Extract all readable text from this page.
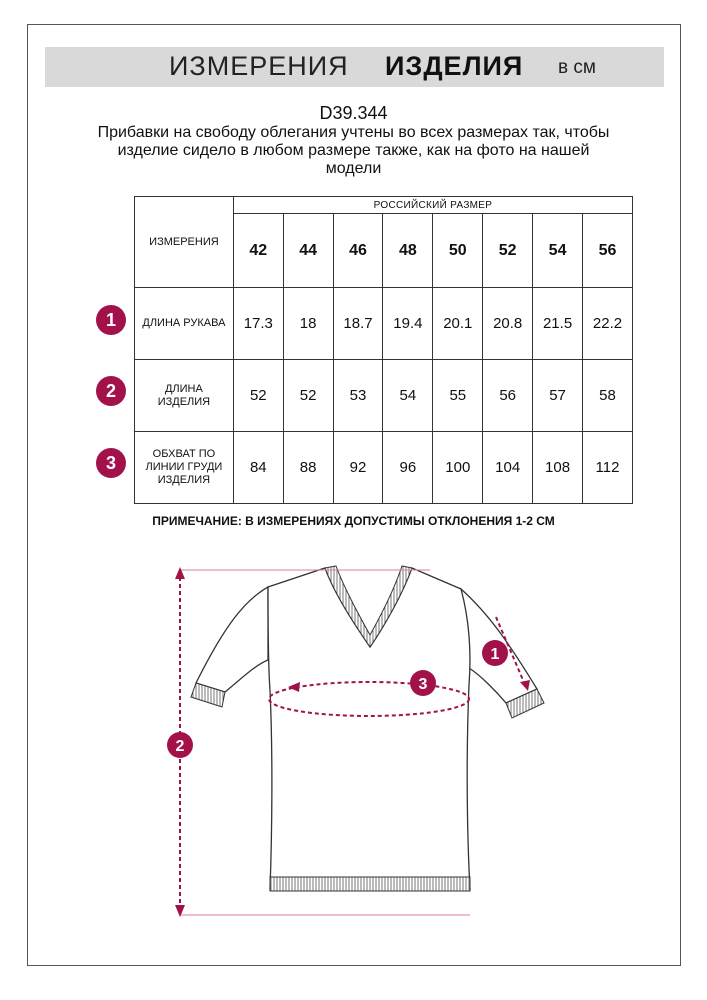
ИЗМЕРЕНИЯ ИЗДЕЛИЯ в см
D39.344
Прибавки на свободу облегания учтены во всех размерах так, чтобы
изделие сидело в любом размере также, как на фото на нашей
модели
ИЗМЕРЕНИЯ	РОССИЙСКИЙ РАЗМЕР							
	42	44	46	48	50	52	54	56
ДЛИНА РУКАВА	17.3	18	18.7	19.4	20.1	20.8	21.5	22.2

ДЛИНА
ИЗДЕЛИЯ	52	52	53	54	55	56	57	58

ОБХВАТ ПО
ЛИНИИ ГРУДИ
ИЗДЕЛИЯ	84	88	92	96	100	104	108	112
1
2
3
ПРИМЕЧАНИЕ: В ИЗМЕРЕНИЯХ ДОПУСТИМЫ ОТКЛОНЕНИЯ 1-2 СМ
1
2
3
